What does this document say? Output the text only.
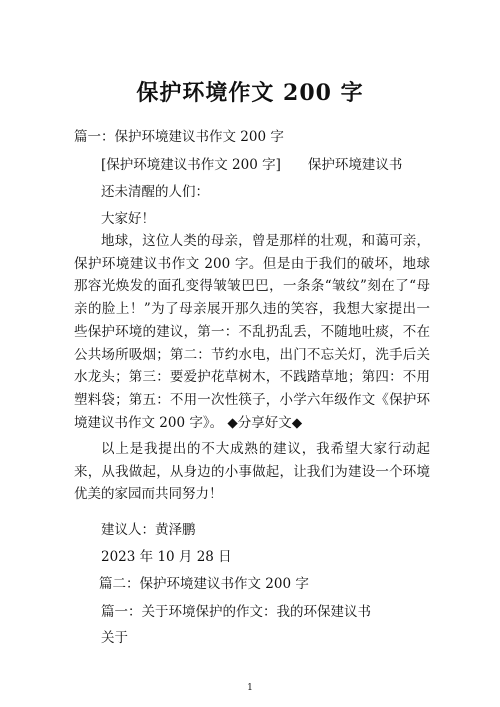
保护环境作文 200 字
篇一：保护环境建议书作文 200 字
[保护环境建议书作文 200 字]　　保护环境建议书
还未清醒的人们：
大家好！

地球，这位人类的母亲，曾是那样的壮观，和蔼可亲，保护环境建议书作文 200 字。但是由于我们的破坏，地球那容光焕发的面孔变得皱皱巴巴，一条条“皱纹”刻在了“母亲的脸上！”为了母亲展开那久违的笑容，我想大家提出一些保护环境的建议，第一：不乱扔乱丢，不随地吐痰，不在公共场所吸烟；第二：节约水电，出门不忘关灯，洗手后关水龙头；第三：要爱护花草树木，不践踏草地；第四：不用塑料袋；第五：不用一次性筷子，小学六年级作文《保护环境建议书作文 200 字》。 ◆分享好文◆

以上是我提出的不大成熟的建议，我希望大家行动起来，从我做起，从身边的小事做起，让我们为建设一个环境优美的家园而共同努力！

建议人：黄泽鹏
2023 年 10 月 28 日
篇二：保护环境建议书作文 200 字
篇一：关于环境保护的作文：我的环保建议书
关于
1
